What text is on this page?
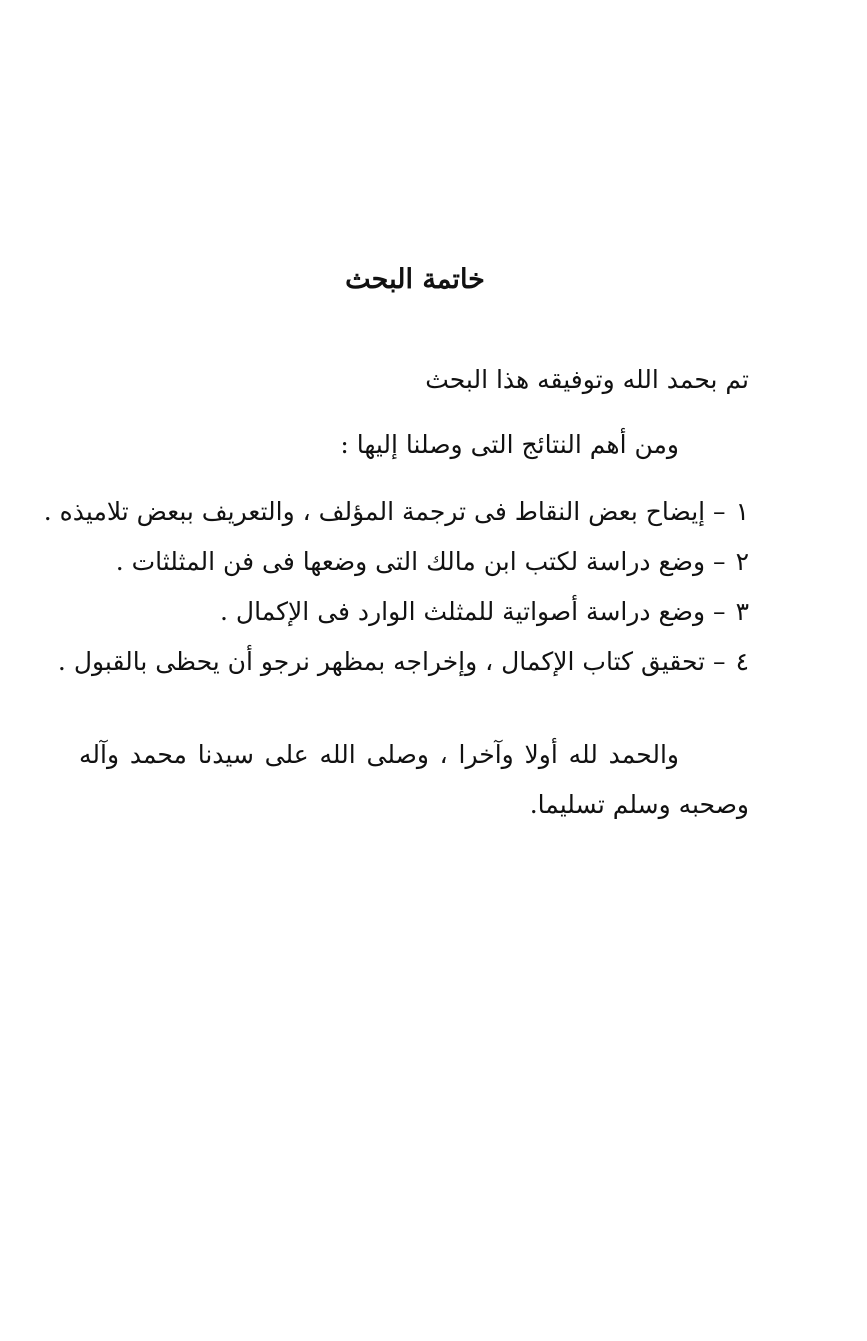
خاتمة البحث

تم بحمد الله وتوفيقه هذا البحث

ومن أهم النتائج التى وصلنا إليها :

١– إيضاح بعض النقاط فى ترجمة المؤلف ، والتعريف ببعض تلاميذه .
٢– وضع دراسة لكتب ابن مالك التى وضعها فى فن المثلثات .
٣– وضع دراسة أصواتية للمثلث الوارد فى الإكمال .
٤– تحقيق كتاب الإكمال ، وإخراجه بمظهر نرجو أن يحظى بالقبول .

والحمد لله أولا وآخرا ، وصلى الله على سيدنا محمد وآله وصحبه وسلم تسليما.
